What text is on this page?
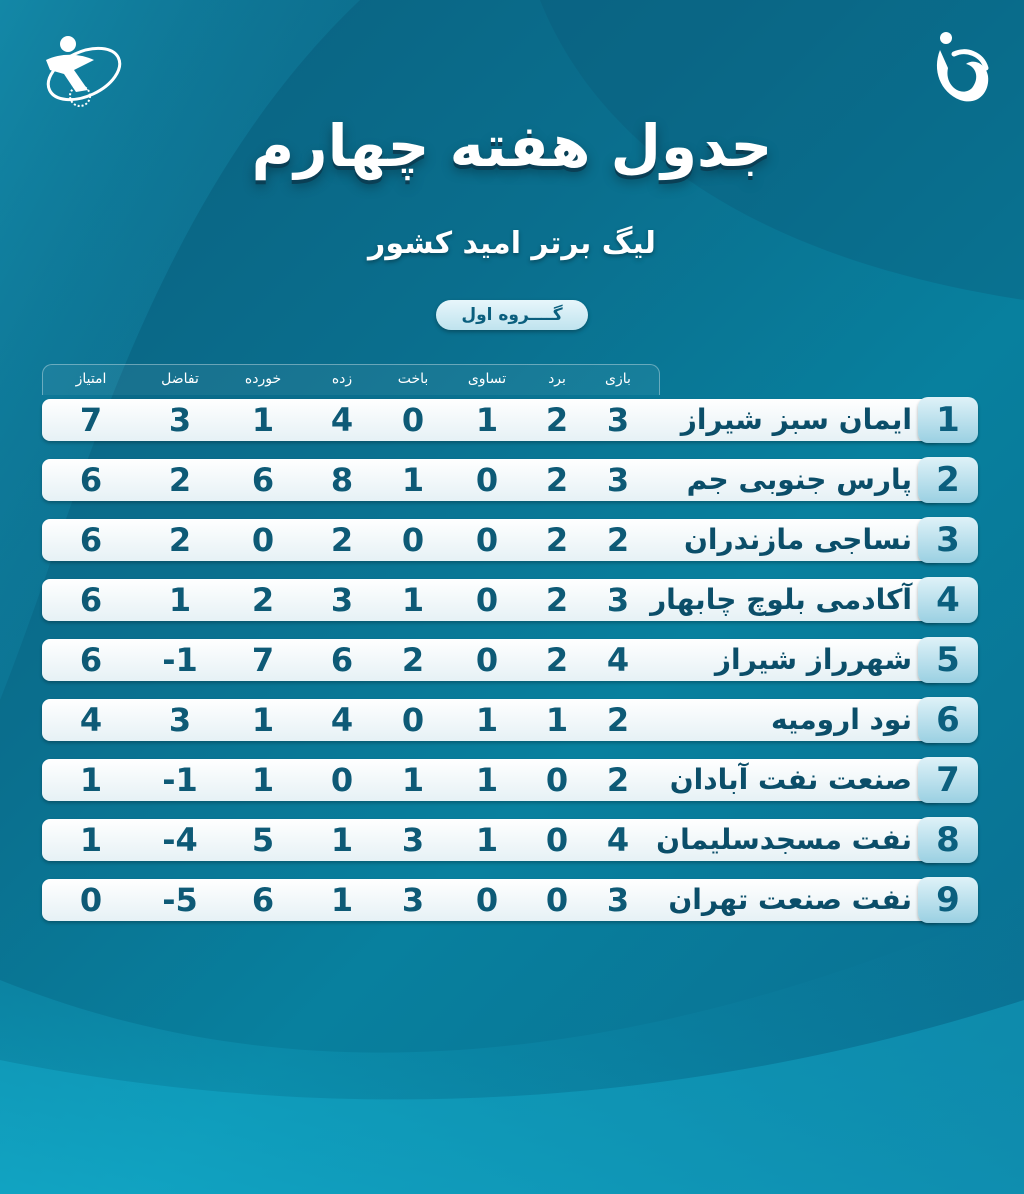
جدول هفته چهارم
لیگ برتر امید کشور
گــــروه اول
بازی
برد
تساوی
باخت
زده
خورده
تفاضل
امتیاز
1
ایمان سبز شیراز
3
2
1
0
4
1
3
7
2
پارس جنوبی جم
3
2
0
1
8
6
2
6
3
نساجی مازندران
2
2
0
0
2
0
2
6
4
آکادمی بلوچ چابهار
3
2
0
1
3
2
1
6
5
شهرراز شیراز
4
2
0
2
6
7
-1
6
6
نود ارومیه
2
1
1
0
4
1
3
4
7
صنعت نفت آبادان
2
0
1
1
0
1
-1
1
8
نفت مسجدسلیمان
4
0
1
3
1
5
-4
1
9
نفت صنعت تهران
3
0
0
3
1
6
-5
0
